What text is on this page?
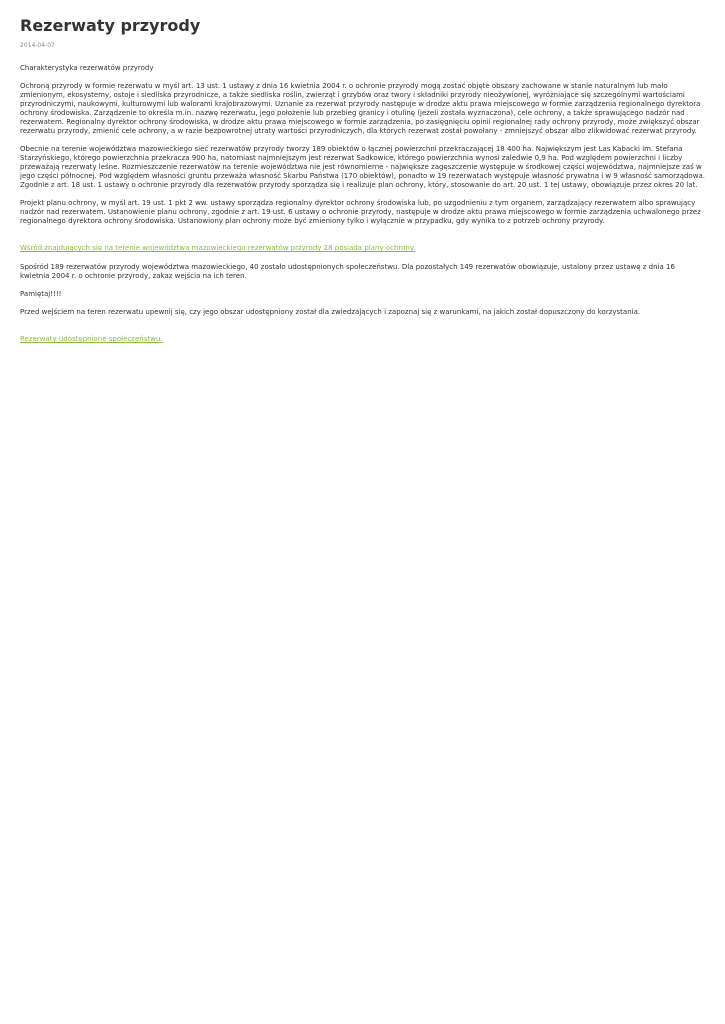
Rezerwaty przyrody
2014-04-07

Charakterystyka rezerwatów przyrody

Ochroną przyrody w formie rezerwatu w myśl art. 13 ust. 1 ustawy z dnia 16 kwietnia 2004 r. o ochronie przyrody mogą zostać objęte obszary zachowane w stanie naturalnym lub mało zmienionym, ekosystemy, ostoje i siedliska przyrodnicze, a także siedliska roślin, zwierząt i grzybów oraz twory i składniki przyrody nieożywionej, wyróżniające się szczególnymi wartościami przyrodniczymi, naukowymi, kulturowymi lub walorami krajobrazowymi. Uznanie za rezerwat przyrody następuje w drodze aktu prawa miejscowego w formie zarządzenia regionalnego dyrektora ochrony środowiska. Zarządzenie to określa m.in. nazwę rezerwatu, jego położenie lub przebieg granicy i otulinę (jeżeli została wyznaczona), cele ochrony, a także sprawującego nadzór nad rezerwatem. Regionalny dyrektor ochrony środowiska, w drodze aktu prawa miejscowego w formie zarządzenia, po zasięgnięciu opinii regionalnej rady ochrony przyrody, może zwiększyć obszar rezerwatu przyrody, zmienić cele ochrony, a w razie bezpowrotnej utraty wartości przyrodniczych, dla których rezerwat został powołany - zmniejszyć obszar albo zlikwidować rezerwat przyrody.

Obecnie na terenie województwa mazowieckiego sieć rezerwatów przyrody tworzy 189 obiektów o łącznej powierzchni przekraczającej 18 400 ha. Największym jest Las Kabacki im. Stefana Starzyńskiego, którego powierzchnia przekracza 900 ha, natomiast najmniejszym jest rezerwat Sadkowice, którego powierzchnia wynosi zaledwie 0,9 ha. Pod względem powierzchni i liczby przeważają rezerwaty leśne. Rozmieszczenie rezerwatów na terenie województwa nie jest równomierne - największe zagęszczenie występuje w środkowej części województwa, najmniejsze zaś w jego części północnej. Pod względem własności gruntu przeważa własność Skarbu Państwa (170 obiektów), ponadto w 19 rezerwatach występuje własność prywatna i w 9 własność samorządowa. Zgodnie z art. 18 ust. 1 ustawy o ochronie przyrody dla rezerwatów przyrody sporządza się i realizuje plan ochrony, który, stosowanie do art. 20 ust. 1 tej ustawy, obowiązuje przez okres 20 lat.

Projekt planu ochrony, w myśl art. 19 ust. 1 pkt 2 ww. ustawy sporządza regionalny dyrektor ochrony środowiska lub, po uzgodnieniu z tym organem, zarządzający rezerwatem albo sprawujący nadzór nad rezerwatem. Ustanowienie planu ochrony, zgodnie z art. 19 ust. 6 ustawy o ochronie przyrody, następuje w drodze aktu prawa miejscowego w formie zarządzenia uchwalonego przez regionalnego dyrektora ochrony środowiska. Ustanowiony plan ochrony może być zmieniony tylko i wyłącznie w przypadku, gdy wynika to z potrzeb ochrony przyrody.

Wśród znajdujących się na terenie województwa mazowieckiego rezerwatów przyrody 28 posiada plany ochrony.

Spośród 189 rezerwatów przyrody województwa mazowieckiego, 40 zostało udostępnionych społeczeństwu. Dla pozostałych 149 rezerwatów obowiązuje, ustalony przez ustawę z dnia 16 kwietnia 2004 r. o ochronie przyrody, zakaz wejścia na ich teren.

Pamiętaj!!!!

Przed wejściem na teren rezerwatu upewnij się, czy jego obszar udostępniony został dla zwiedzających i zapoznaj się z warunkami, na jakich został dopuszczony do korzystania.

Rezerwaty udostępnione społeczeństwu.
